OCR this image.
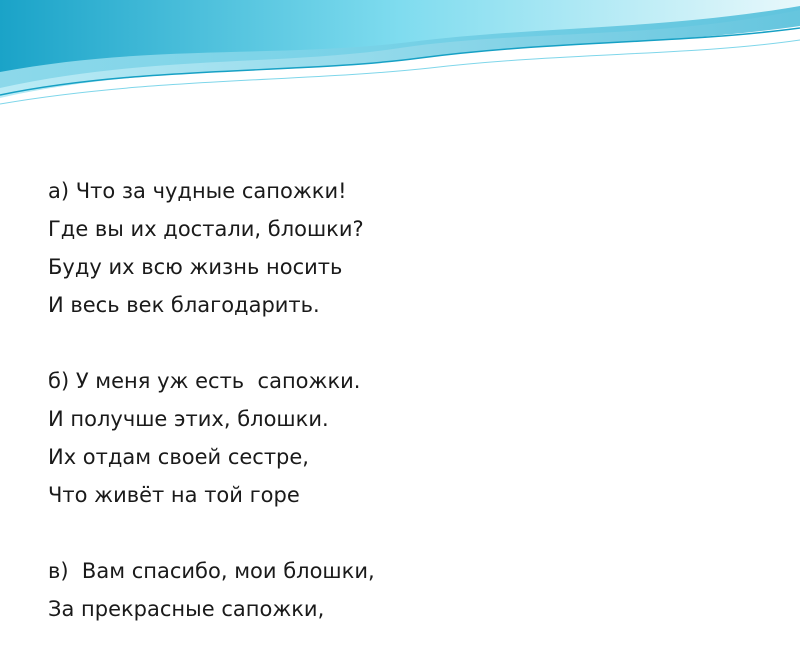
а) Что за чудные сапожки!
Где вы их достали, блошки?
Буду их всю жизнь носить
И весь век благодарить.
б) У меня уж есть  сапожки.
И получше этих, блошки.
Их отдам своей сестре,
Что живёт на той горе
в)  Вам спасибо, мои блошки,
За прекрасные сапожки,
